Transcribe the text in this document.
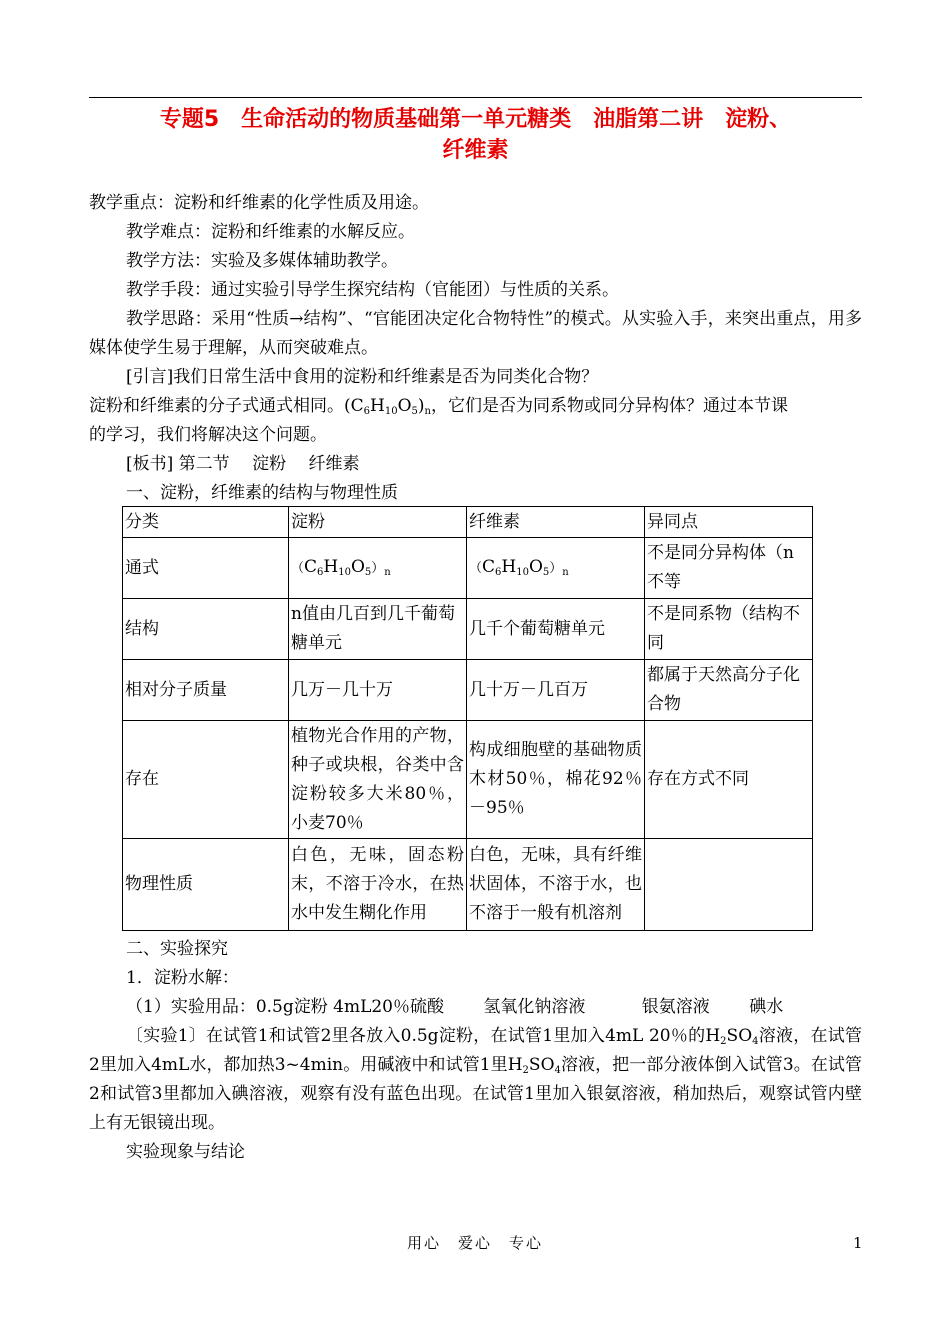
专题5　生命活动的物质基础第一单元糖类　油脂第二讲　淀粉、
纤维素
教学重点：淀粉和纤维素的化学性质及用途。
教学难点：淀粉和纤维素的水解反应。
教学方法：实验及多媒体辅助教学。
教学手段：通过实验引导学生探究结构（官能团）与性质的关系。
教学思路：采用“性质→结构”、“官能团决定化合物特性”的模式。从实验入手，来突出重点，用多媒体使学生易于理解，从而突破难点。
[引言]我们日常生活中食用的淀粉和纤维素是否为同类化合物？
淀粉和纤维素的分子式通式相同。$(C_6H_{10}O_5)_n$，它们是否为同系物或同分异构体？通过本节课
的学习，我们将解决这个问题。
[板书] 第二节　 淀粉　 纤维素
一、淀粉，纤维素的结构与物理性质
分类	淀粉	纤维素	异同点
通式	$(C_6H_{10}O_5)_n$	$(C_6H_{10}O_5)_n$	不是同分异构体（n不等
结构	n值由几百到几千葡萄糖单元	几千个葡萄糖单元	不是同系物（结构不同
相对分子质量	几万－几十万	几十万－几百万	都属于天然高分子化合物
存在	植物光合作用的产物，种子或块根，谷类中含淀粉较多大米80％，小麦70％	构成细胞壁的基础物质木材50％，棉花92％－95％	存在方式不同
物理性质	白色，无味，固态粉末，不溶于冷水，在热水中发生糊化作用	白色，无味，具有纤维状固体，不溶于水，也不溶于一般有机溶剂	
二、实验探究
1．淀粉水解：
（1）实验用品：0.5g淀粉 4mL20％硫酸　　 氢氧化钠溶液　　　 银氨溶液　　 碘水
〔实验1〕在试管1和试管2里各放入0.5g淀粉，在试管1里加入4mL 20％的$H_2SO_4$溶液，在试管2里加入4mL水，都加热3~4min。用碱液中和试管1里$H_2SO_4$溶液，把一部分液体倒入试管3。在试管2和试管3里都加入碘溶液，观察有没有蓝色出现。在试管1里加入银氨溶液，稍加热后，观察试管内壁上有无银镜出现。
实验现象与结论
用心　爱心　专心	1
